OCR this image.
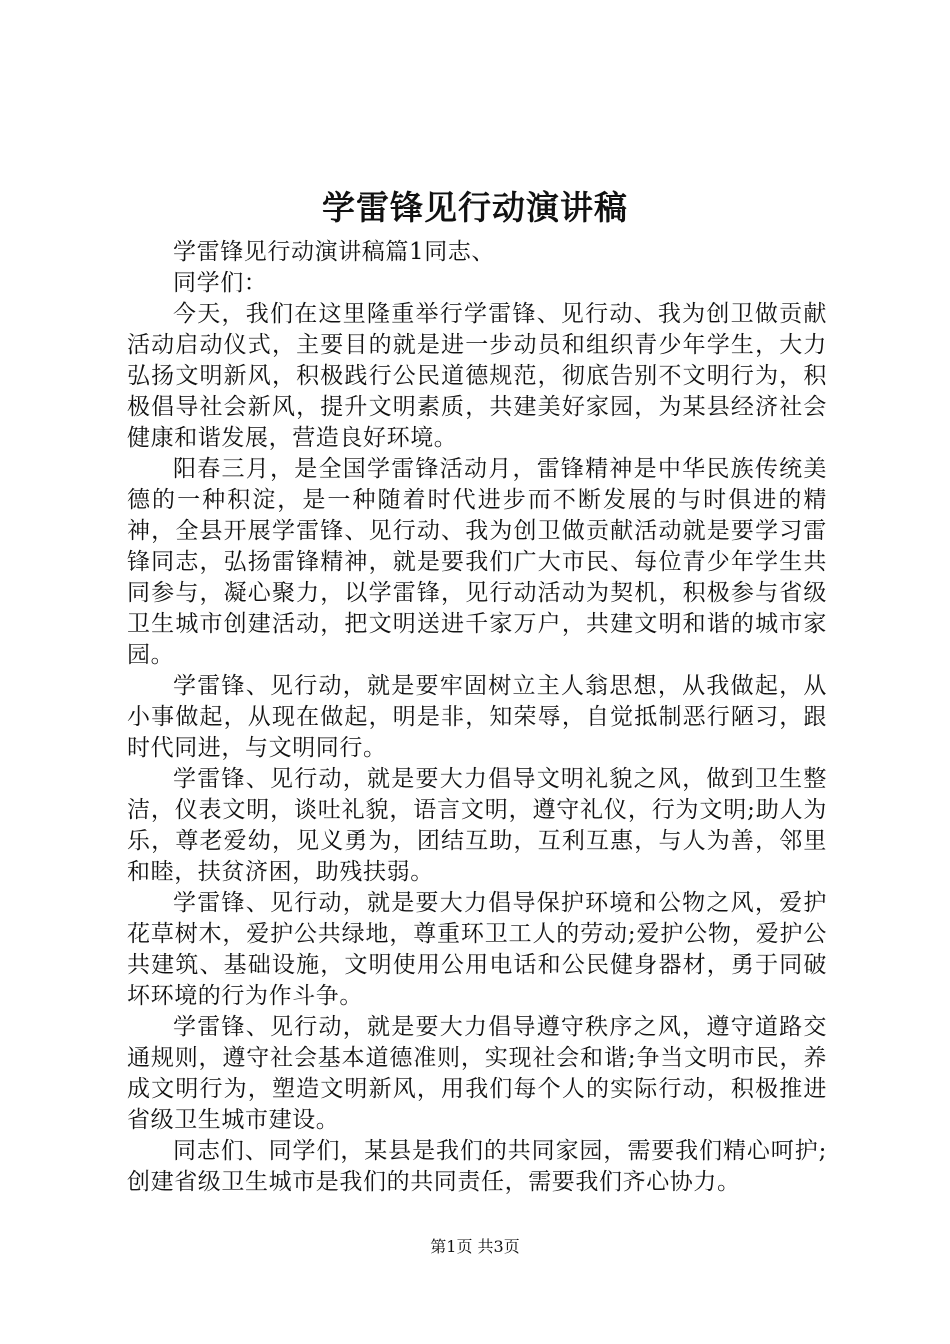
学雷锋见行动演讲稿

学雷锋见行动演讲稿篇1同志、

同学们：

今天，我们在这里隆重举行学雷锋、见行动、我为创卫做贡献活动启动仪式，主要目的就是进一步动员和组织青少年学生，大力弘扬文明新风，积极践行公民道德规范，彻底告别不文明行为，积极倡导社会新风，提升文明素质，共建美好家园，为某县经济社会健康和谐发展，营造良好环境。

阳春三月，是全国学雷锋活动月，雷锋精神是中华民族传统美德的一种积淀，是一种随着时代进步而不断发展的与时俱进的精神，全县开展学雷锋、见行动、我为创卫做贡献活动就是要学习雷锋同志，弘扬雷锋精神，就是要我们广大市民、每位青少年学生共同参与，凝心聚力，以学雷锋，见行动活动为契机，积极参与省级卫生城市创建活动，把文明送进千家万户，共建文明和谐的城市家园。

学雷锋、见行动，就是要牢固树立主人翁思想，从我做起，从小事做起，从现在做起，明是非，知荣辱，自觉抵制恶行陋习，跟时代同进，与文明同行。

学雷锋、见行动，就是要大力倡导文明礼貌之风，做到卫生整洁，仪表文明，谈吐礼貌，语言文明，遵守礼仪，行为文明;助人为乐，尊老爱幼，见义勇为，团结互助，互利互惠，与人为善，邻里和睦，扶贫济困，助残扶弱。

学雷锋、见行动，就是要大力倡导保护环境和公物之风，爱护花草树木，爱护公共绿地，尊重环卫工人的劳动;爱护公物，爱护公共建筑、基础设施，文明使用公用电话和公民健身器材，勇于同破坏环境的行为作斗争。

学雷锋、见行动，就是要大力倡导遵守秩序之风，遵守道路交通规则，遵守社会基本道德准则，实现社会和谐;争当文明市民，养成文明行为，塑造文明新风，用我们每个人的实际行动，积极推进省级卫生城市建设。

同志们、同学们，某县是我们的共同家园，需要我们精心呵护;创建省级卫生城市是我们的共同责任，需要我们齐心协力。

第1页 共3页
